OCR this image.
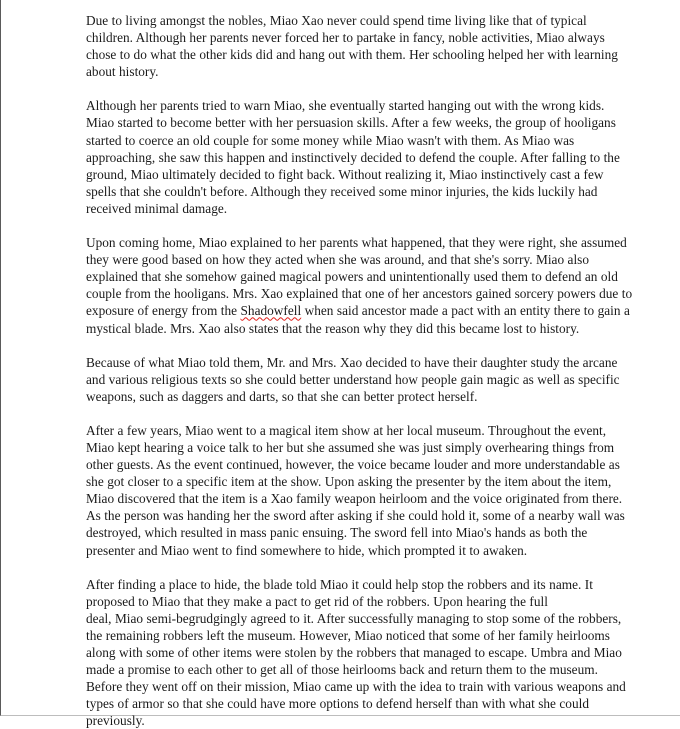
Due to living amongst the nobles, Miao Xao never could spend time living like that of typical children. Although her parents never forced her to partake in fancy, noble activities, Miao always chose to do what the other kids did and hang out with them. Her schooling helped her with learning about history.

Although her parents tried to warn Miao, she eventually started hanging out with the wrong kids. Miao started to become better with her persuasion skills. After a few weeks, the group of hooligans started to coerce an old couple for some money while Miao wasn't with them. As Miao was approaching, she saw this happen and instinctively decided to defend the couple. After falling to the ground, Miao ultimately decided to fight back. Without realizing it, Miao instinctively cast a few spells that she couldn't before. Although they received some minor injuries, the kids luckily had received minimal damage.

Upon coming home, Miao explained to her parents what happened, that they were right, she assumed they were good based on how they acted when she was around, and that she's sorry. Miao also explained that she somehow gained magical powers and unintentionally used them to defend an old couple from the hooligans. Mrs. Xao explained that one of her ancestors gained sorcery powers due to exposure of energy from the Shadowfell when said ancestor made a pact with an entity there to gain a mystical blade. Mrs. Xao also states that the reason why they did this became lost to history.

Because of what Miao told them, Mr. and Mrs. Xao decided to have their daughter study the arcane and various religious texts so she could better understand how people gain magic as well as specific weapons, such as daggers and darts, so that she can better protect herself.

After a few years, Miao went to a magical item show at her local museum. Throughout the event, Miao kept hearing a voice talk to her but she assumed she was just simply overhearing things from other guests. As the event continued, however, the voice became louder and more understandable as she got closer to a specific item at the show. Upon asking the presenter by the item about the item, Miao discovered that the item is a Xao family weapon heirloom and the voice originated from there. As the person was handing her the sword after asking if she could hold it, some of a nearby wall was destroyed, which resulted in mass panic ensuing. The sword fell into Miao's hands as both the presenter and Miao went to find somewhere to hide, which prompted it to awaken.

After finding a place to hide, the blade told Miao it could help stop the robbers and its name. It proposed to Miao that they make a pact to get rid of the robbers. Upon hearing the full
deal, Miao semi-begrudgingly agreed to it. After successfully managing to stop some of the robbers, the remaining robbers left the museum. However, Miao noticed that some of her family heirlooms along with some of other items were stolen by the robbers that managed to escape. Umbra and Miao made a promise to each other to get all of those heirlooms back and return them to the museum. Before they went off on their mission, Miao came up with the idea to train with various weapons and types of armor so that she could have more options to defend herself than with what she could previously.
